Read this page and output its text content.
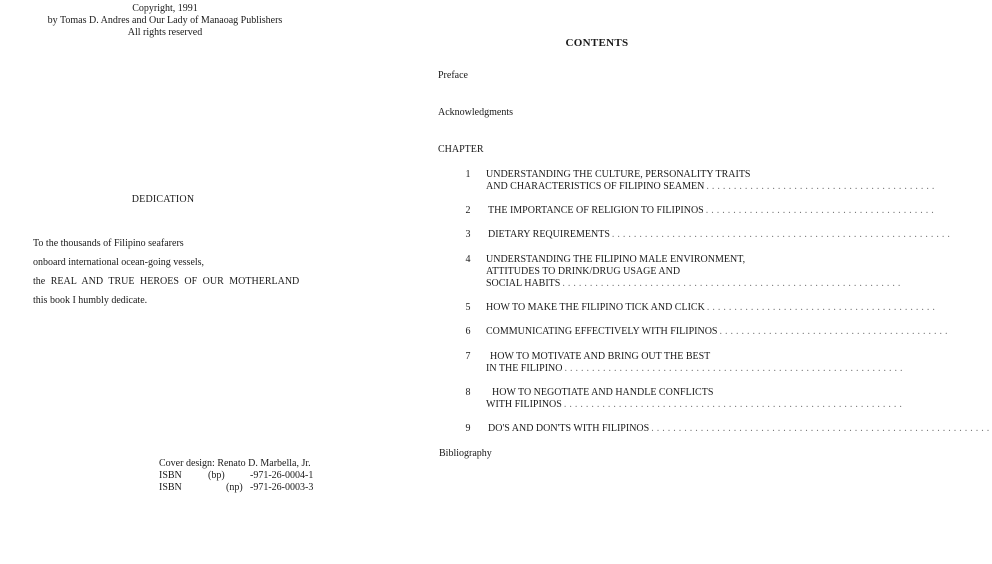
Copyright, 1991
by Tomas D. Andres and Our Lady of Manaoag Publishers
All rights reserved
DEDICATION
To the thousands of Filipino seafarers
onboard international ocean-going vessels,
the REAL AND TRUE HEROES OF OUR MOTHERLAND
this book I humbly dedicate.
Cover design: Renato D. Marbella, Jr.
ISBN	(bp)	-971-26-0004-1
ISBN	(np) -971-26-0003-3
CONTENTS
Preface
Acknowledgments
CHAPTER
1 UNDERSTANDING THE CULTURE, PERSONALITY TRAITS
AND CHARACTERISTICS OF FILIPINO SEAMEN ..........................................
2 THE IMPORTANCE OF RELIGION TO FILIPINOS ..........................................
3 DIETARY REQUIREMENTS ..............................................................
4 UNDERSTANDING THE FILIPINO MALE ENVIRONMENT,
ATTITUDES TO DRINK/DRUG USAGE AND
SOCIAL HABITS ..............................................................
5 HOW TO MAKE THE FILIPINO TICK AND CLICK ..........................................
6 COMMUNICATING EFFECTIVELY WITH FILIPINOS ..........................................
7	HOW TO MOTIVATE AND BRING OUT THE BEST
IN THE FILIPINO ..............................................................
8	HOW TO NEGOTIATE AND HANDLE CONFLICTS
WITH FILIPINOS ..............................................................
9 DO'S AND DON'TS WITH FILIPINOS ..............................................................
Bibliography
